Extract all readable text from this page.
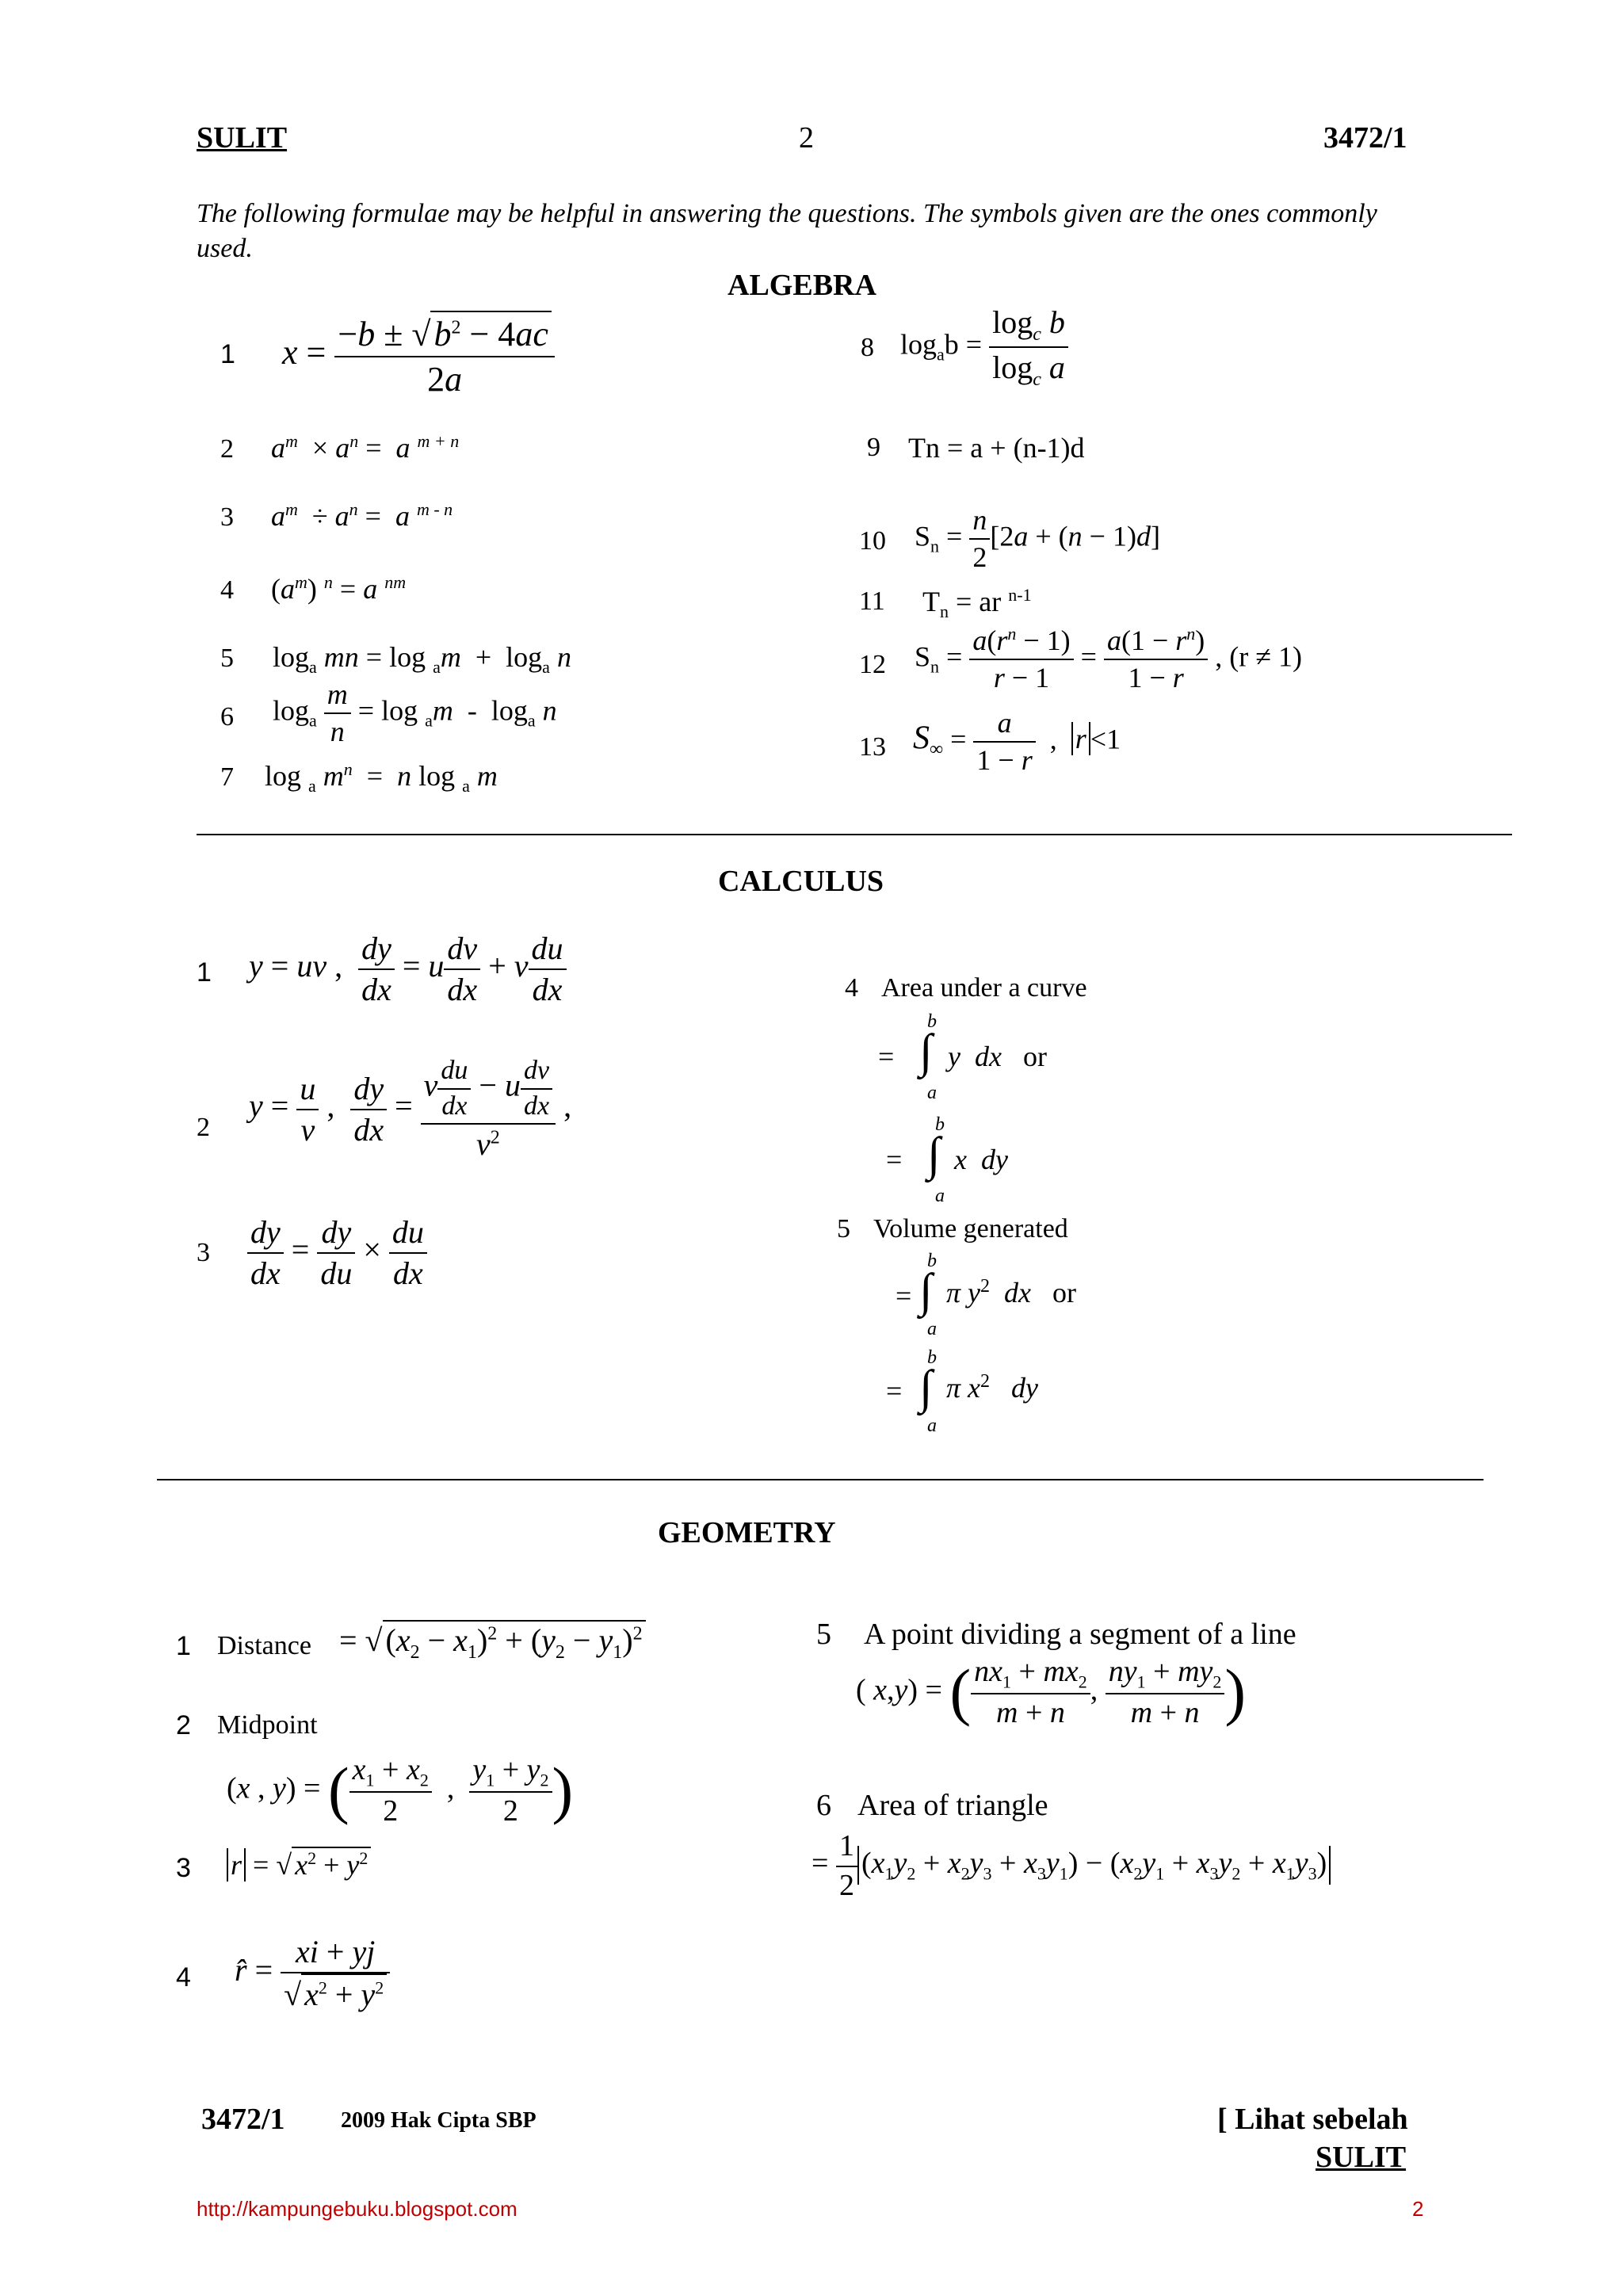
SULIT	2	3472/1
The following formulae may be helpful in answering the questions. The symbols given are the ones commonly used.
ALGEBRA
1 $x = \frac{-b \pm √b^2 - 4ac}{2a}$
2 $a^m \times a^n = a$ $^{m + n}$
3 $a^m \div a^n = a$ $^{m - n}$
4 $(a^m) ^n = a$ $^{nm}$
5 $\log_a$ mn = $\log _am + \log_a n$
6 $\log_a \frac{m}{n} = \log _am - \log_a n$
7 log $_a$ $m^n = n$ log $_a$ m
8 $\log_ab = \frac{\log_c b}{\log_c a}$
9 Tn = a + (n-1)d
10 $S_n = \frac{n}{2} [2a + (n - 1)d]$
11 $T_n$ = ar $^{n-1}$
12 $S_n = \frac{a(r^n - 1)}{r - 1} = \frac{a(1 - r^n)}{1 - r}$ , (r ≠ 1)
13 $S_\infty = \frac{a}{1 - r}$ ,  r <1
CALCULUS
1 y = uv , $\frac{dy}{dx} = u \frac{dv}{dx} + v \frac{du}{dx}$
2
$y = \frac{u}{v}$ , $\frac{dy}{dx} = \frac{v \frac{du}{dx} - u \frac{dv}{dx}}{v^2}$ ,
$3 \frac{dy}{dx} = \frac{dy}{du} \times \frac{du}{dx}$
4 Area under a curve
=
b
∫
a
y  dx or
=
b
∫
a
x  dy
5 Volume generated
=
b
∫
a
π $y^2$ dx or
=
b
∫
a
π $x^2$ dy
GEOMETRY
1 Distance = √ $(x_2 - x_1)^2 + (y_2 - y_1)^2$
2 Midpoint
(x , y) = ( $\frac{x_1 + x_2}{2}$ , $\frac{y_1 + y_2}{2}$ )
3 r = √ $x^2 + y^2$
4 r̂ = $\frac{xi + yj}{√ x^2 + y^2}$
5 A point dividing a segment of a line
( x,y) = ( $\frac{nx_1 + mx_2}{m + n}$ , $\frac{ny_1 + my_2}{m + n}$ )
6 Area of triangle
= $\frac{1}{2} (x_1y_2 + x_2y_3 + x_3y_1) - (x_2y_1 + x_3y_2 + x_1y_3)$
3472/1	2009 Hak Cipta SBP	[ Lihat sebelah
SULIT
http://kampungebuku.blogspot.com	2
